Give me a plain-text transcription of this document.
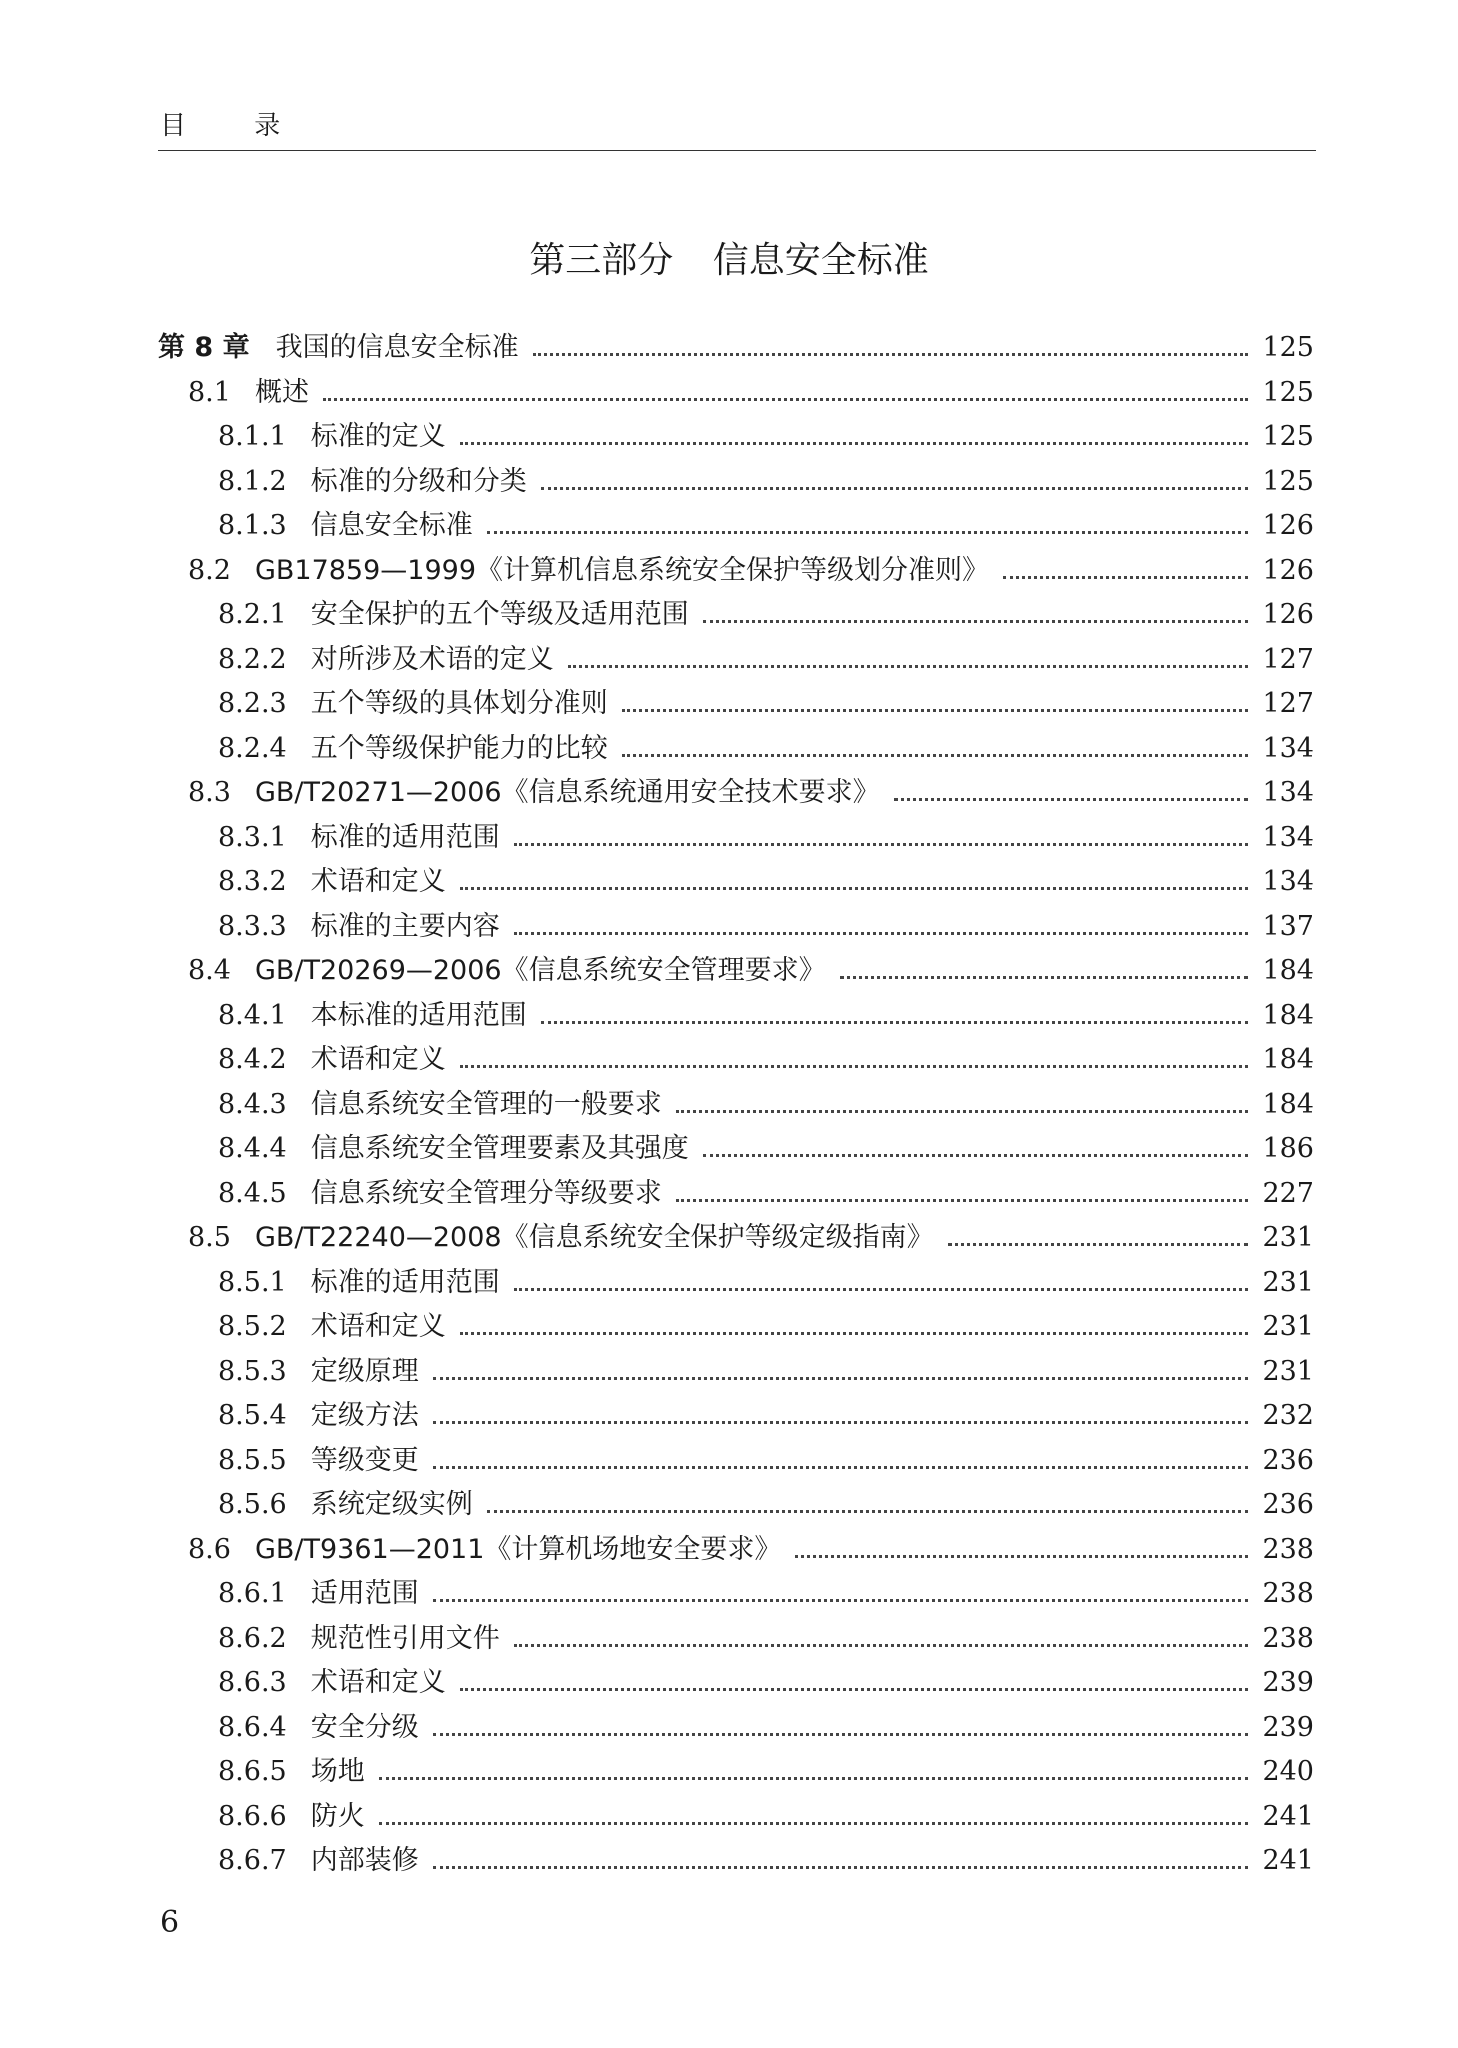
目 录
第三部分 信息安全标准
第 8 章 我国的信息安全标准	125
8.1 概述	125
8.1.1 标准的定义	125
8.1.2 标准的分级和分类	125
8.1.3 信息安全标准	126
8.2 GB17859—1999《计算机信息系统安全保护等级划分准则》	126
8.2.1 安全保护的五个等级及适用范围	126
8.2.2 对所涉及术语的定义	127
8.2.3 五个等级的具体划分准则	127
8.2.4 五个等级保护能力的比较	134
8.3 GB/T20271—2006《信息系统通用安全技术要求》	134
8.3.1 标准的适用范围	134
8.3.2 术语和定义	134
8.3.3 标准的主要内容	137
8.4 GB/T20269—2006《信息系统安全管理要求》	184
8.4.1 本标准的适用范围	184
8.4.2 术语和定义	184
8.4.3 信息系统安全管理的一般要求	184
8.4.4 信息系统安全管理要素及其强度	186
8.4.5 信息系统安全管理分等级要求	227
8.5 GB/T22240—2008《信息系统安全保护等级定级指南》	231
8.5.1 标准的适用范围	231
8.5.2 术语和定义	231
8.5.3 定级原理	231
8.5.4 定级方法	232
8.5.5 等级变更	236
8.5.6 系统定级实例	236
8.6 GB/T9361—2011《计算机场地安全要求》	238
8.6.1 适用范围	238
8.6.2 规范性引用文件	238
8.6.3 术语和定义	239
8.6.4 安全分级	239
8.6.5 场地	240
8.6.6 防火	241
8.6.7 内部装修	241
6
